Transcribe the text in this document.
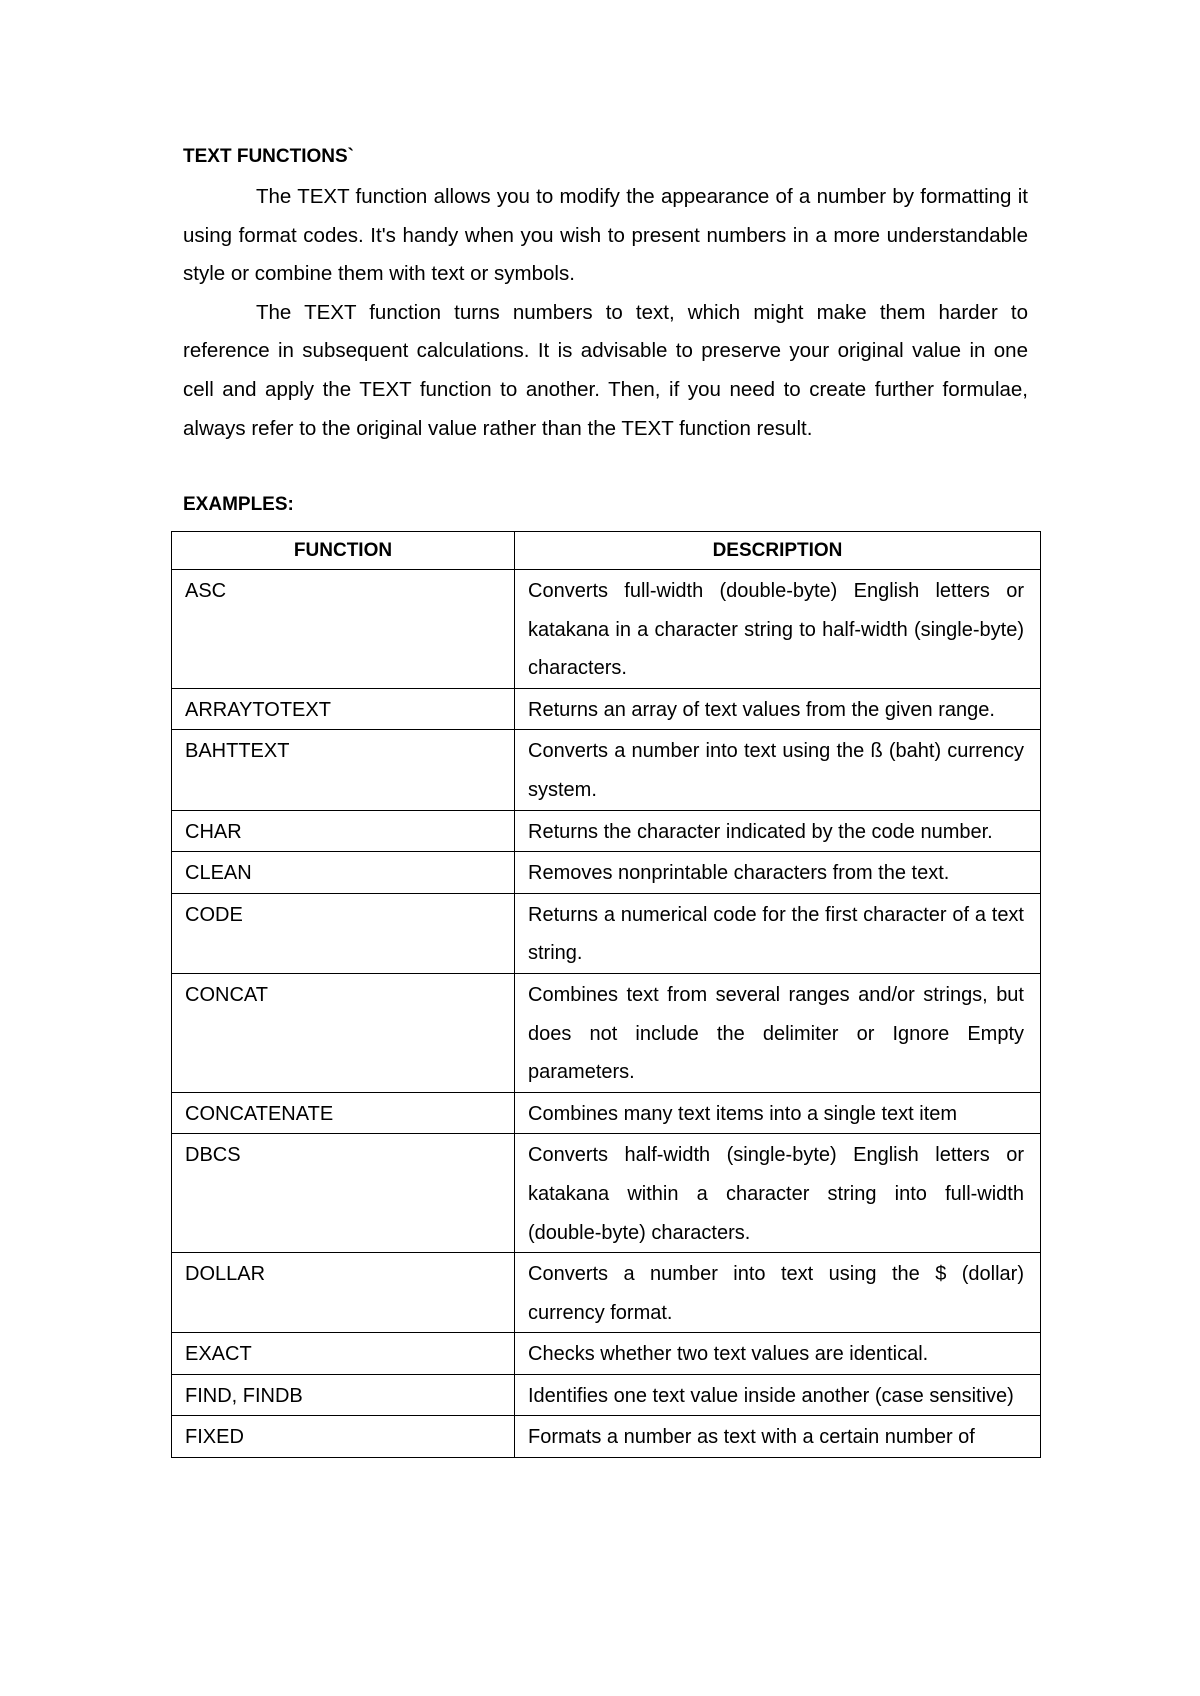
TEXT FUNCTIONS`

The TEXT function allows you to modify the appearance of a number by formatting it using format codes. It's handy when you wish to present numbers in a more understandable style or combine them with text or symbols.

The TEXT function turns numbers to text, which might make them harder to reference in subsequent calculations. It is advisable to preserve your original value in one cell and apply the TEXT function to another. Then, if you need to create further formulae, always refer to the original value rather than the TEXT function result.

EXAMPLES:
FUNCTION	DESCRIPTION
ASC	Converts full-width (double-byte) English letters or katakana in a character string to half-width (single-byte) characters.
ARRAYTOTEXT	Returns an array of text values from the given range.
BAHTTEXT	Converts a number into text using the ß (baht) currency system.
CHAR	Returns the character indicated by the code number.
CLEAN	Removes nonprintable characters from the text.
CODE	Returns a numerical code for the first character of a text string.
CONCAT	Combines text from several ranges and/or strings, but does not include the delimiter or Ignore Empty parameters.
CONCATENATE	Combines many text items into a single text item
DBCS	Converts half-width (single-byte) English letters or katakana within a character string into full-width (double-byte) characters.
DOLLAR	Converts a number into text using the $ (dollar) currency format.
EXACT	Checks whether two text values are identical.
FIND, FINDB	Identifies one text value inside another (case sensitive)
FIXED	Formats a number as text with a certain number of
